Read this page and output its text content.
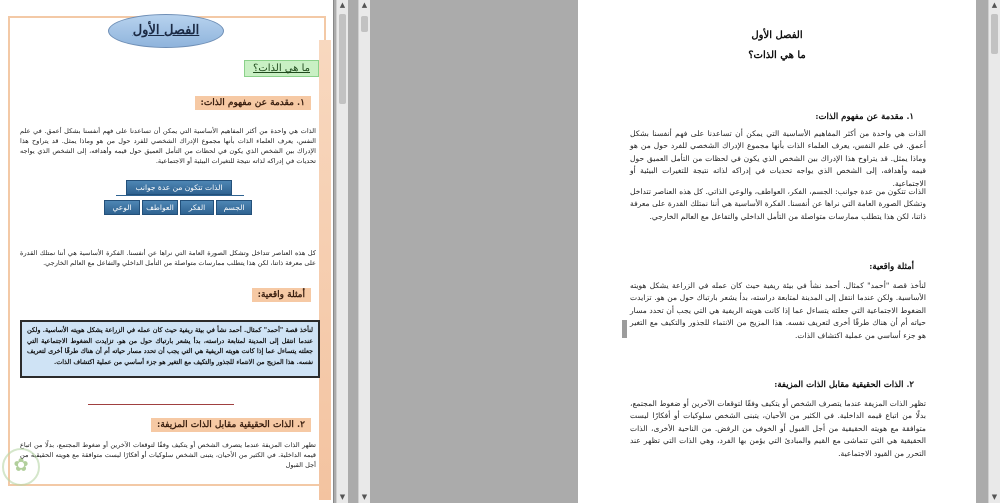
الفصل الأول
ما هي الذات؟
١. مقدمة عن مفهوم الذات:
الذات هي واحدة من أكثر المفاهيم الأساسية التي يمكن أن تساعدنا على فهم أنفسنا بشكل أعمق. في علم النفس، يعرف العلماء الذات بأنها مجموع الإدراك الشخصي للفرد حول من هو وماذا يمثل. قد يتراوح هذا الإدراك بين الشخص الذي يكون في لحظات من التأمل العميق حول قيمه وأهدافه، إلى الشخص الذي يواجه تحديات في إدراكه لذاته نتيجة للتغيرات البيئية أو الاجتماعية.
الذات تتكون من عدة جوانب
الجسم
الفكر
العواطف
الوعي الذاتي
كل هذه العناصر تتداخل وتشكل الصورة العامة التي نراها عن أنفسنا. الفكرة الأساسية هي أننا نمتلك القدرة على معرفة ذاتنا، لكن هذا يتطلب ممارسات متواصلة من التأمل الداخلي والتفاعل مع العالم الخارجي.
أمثلة واقعية:
لنأخذ قصة "أحمد" كمثال. أحمد نشأ في بيئة ريفية حيث كان عمله في الزراعة يشكل هويته الأساسية. ولكن عندما انتقل إلى المدينة لمتابعة دراسته، بدأ يشعر بارتباك حول من هو. تزايدت الضغوط الاجتماعية التي جعلته يتساءل عما إذا كانت هويته الريفية هي التي يجب أن تحدد مسار حياته أم أن هناك طرقًا أخرى لتعريف نفسه. هذا المزيج من الانتماء للجذور والتكيف مع التغير هو جزء أساسي من عملية اكتشاف الذات.
٢. الذات الحقيقية مقابل الذات المزيفة:
تظهر الذات المزيفة عندما يتصرف الشخص أو يتكيف وفقًا لتوقعات الآخرين أو ضغوط المجتمع، بدلًا من اتباع قيمه الداخلية. في الكثير من الأحيان، يتبنى الشخص سلوكيات أو أفكارًا ليست متوافقة مع هويته الحقيقية من أجل القبول
✿
▲
▼
▲
▼
الفصل الأول
ما هي الذات؟
١. مقدمة عن مفهوم الذات:
الذات هي واحدة من أكثر المفاهيم الأساسية التي يمكن أن تساعدنا على فهم أنفسنا بشكل أعمق. في علم النفس، يعرف العلماء الذات بأنها مجموع الإدراك الشخصي للفرد حول من هو وماذا يمثل. قد يتراوح هذا الإدراك بين الشخص الذي يكون في لحظات من التأمل العميق حول قيمه وأهدافه، إلى الشخص الذي يواجه تحديات في إدراكه لذاته نتيجة للتغيرات البيئية أو الاجتماعية.
الذات تتكون من عدة جوانب: الجسم، الفكر، العواطف، والوعي الذاتي. كل هذه العناصر تتداخل وتشكل الصورة العامة التي نراها عن أنفسنا. الفكرة الأساسية هي أننا نمتلك القدرة على معرفة ذاتنا، لكن هذا يتطلب ممارسات متواصلة من التأمل الداخلي والتفاعل مع العالم الخارجي.
أمثلة واقعية:
لنأخذ قصة "أحمد" كمثال. أحمد نشأ في بيئة ريفية حيث كان عمله في الزراعة يشكل هويته الأساسية. ولكن عندما انتقل إلى المدينة لمتابعة دراسته، بدأ يشعر بارتباك حول من هو. تزايدت الضغوط الاجتماعية التي جعلته يتساءل عما إذا كانت هويته الريفية هي التي يجب أن تحدد مسار حياته أم أن هناك طرقًا أخرى لتعريف نفسه. هذا المزيج من الانتماء للجذور والتكيف مع التغير هو جزء أساسي من عملية اكتشاف الذات.
٢. الذات الحقيقية مقابل الذات المزيفة:
تظهر الذات المزيفة عندما يتصرف الشخص أو يتكيف وفقًا لتوقعات الآخرين أو ضغوط المجتمع، بدلًا من اتباع قيمه الداخلية. في الكثير من الأحيان، يتبنى الشخص سلوكيات أو أفكارًا ليست متوافقة مع هويته الحقيقية من أجل القبول أو الخوف من الرفض. من الناحية الأخرى، الذات الحقيقية هي التي تتماشى مع القيم والمبادئ التي يؤمن بها الفرد، وهي الذات التي تظهر عند التحرر من القيود الاجتماعية.
▲
▼
